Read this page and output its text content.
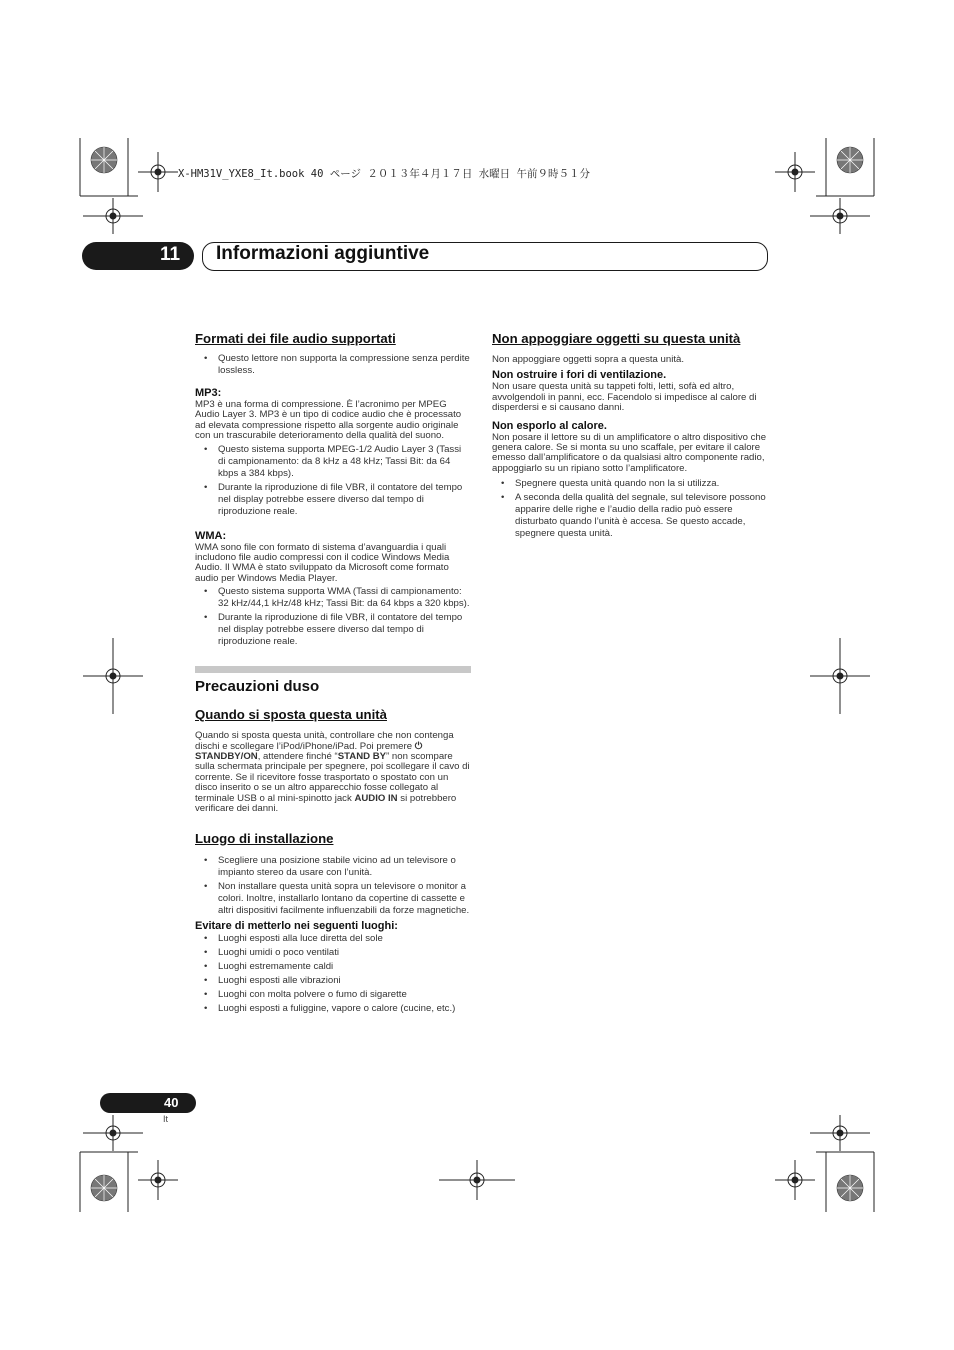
X-HM31V_YXE8_It.book 40 ページ ２０１３年４月１７日 水曜日 午前９時５１分
11 Informazioni aggiuntive
Formati dei file audio supportati
• Questo lettore non supporta la compressione senza perdite lossless.
MP3:

MP3 è una forma di compressione. È l’acronimo per MPEG Audio Layer 3. MP3 è un tipo di codice audio che è processato ad elevata compressione rispetto alla sorgente audio originale con un trascurabile deterioramento della qualità del suono.

• Questo sistema supporta MPEG-1/2 Audio Layer 3 (Tassi di campionamento: da 8 kHz a 48 kHz; Tassi Bit: da 64 kbps a 384 kbps).
• Durante la riproduzione di file VBR, il contatore del tempo nel display potrebbe essere diverso dal tempo di riproduzione reale.
WMA:

WMA sono file con formato di sistema d’avanguardia i quali includono file audio compressi con il codice Windows Media Audio. Il WMA è stato sviluppato da Microsoft come formato audio per Windows Media Player.

• Questo sistema supporta WMA (Tassi di campionamento: 32 kHz/44,1 kHz/48 kHz; Tassi Bit: da 64 kbps a 320 kbps).
• Durante la riproduzione di file VBR, il contatore del tempo nel display potrebbe essere diverso dal tempo di riproduzione reale.
Precauzioni duso
Quando si sposta questa unità

Quando si sposta questa unità, controllare che non contenga dischi e scollegare l’iPod/iPhone/iPad. Poi premere ⏻ STANDBY/ON, attendere finché “STAND BY” non scompare sulla schermata principale per spegnere, poi scollegare il cavo di corrente. Se il ricevitore fosse trasportato o spostato con un disco inserito o se un altro apparecchio fosse collegato al terminale USB o al mini-spinotto jack AUDIO IN si potrebbero verificare dei danni.

Luogo di installazione
• Scegliere una posizione stabile vicino ad un televisore o impianto stereo da usare con l’unità.
• Non installare questa unità sopra un televisore o monitor a colori. Inoltre, installarlo lontano da copertine di cassette e altri dispositivi facilmente influenzabili da forze magnetiche.
Evitare di metterlo nei seguenti luoghi:
• Luoghi esposti alla luce diretta del sole
• Luoghi umidi o poco ventilati
• Luoghi estremamente caldi
• Luoghi esposti alle vibrazioni
• Luoghi con molta polvere o fumo di sigarette
• Luoghi esposti a fuliggine, vapore o calore (cucine, etc.)
Non appoggiare oggetti su questa unità

Non appoggiare oggetti sopra a questa unità.

Non ostruire i fori di ventilazione.

Non usare questa unità su tappeti folti, letti, sofà ed altro, avvolgendoli in panni, ecc. Facendolo si impedisce al calore di disperdersi e si causano danni.

Non esporlo al calore.

Non posare il lettore su di un amplificatore o altro dispositivo che genera calore. Se si monta su uno scaffale, per evitare il calore emesso dall’amplificatore o da qualsiasi altro componente radio, appoggiarlo su un ripiano sotto l’amplificatore.

• Spegnere questa unità quando non la si utilizza.
• A seconda della qualità del segnale, sul televisore possono apparire delle righe e l’audio della radio può essere disturbato quando l’unità è accesa. Se questo accade, spegnere questa unità.
40
It
